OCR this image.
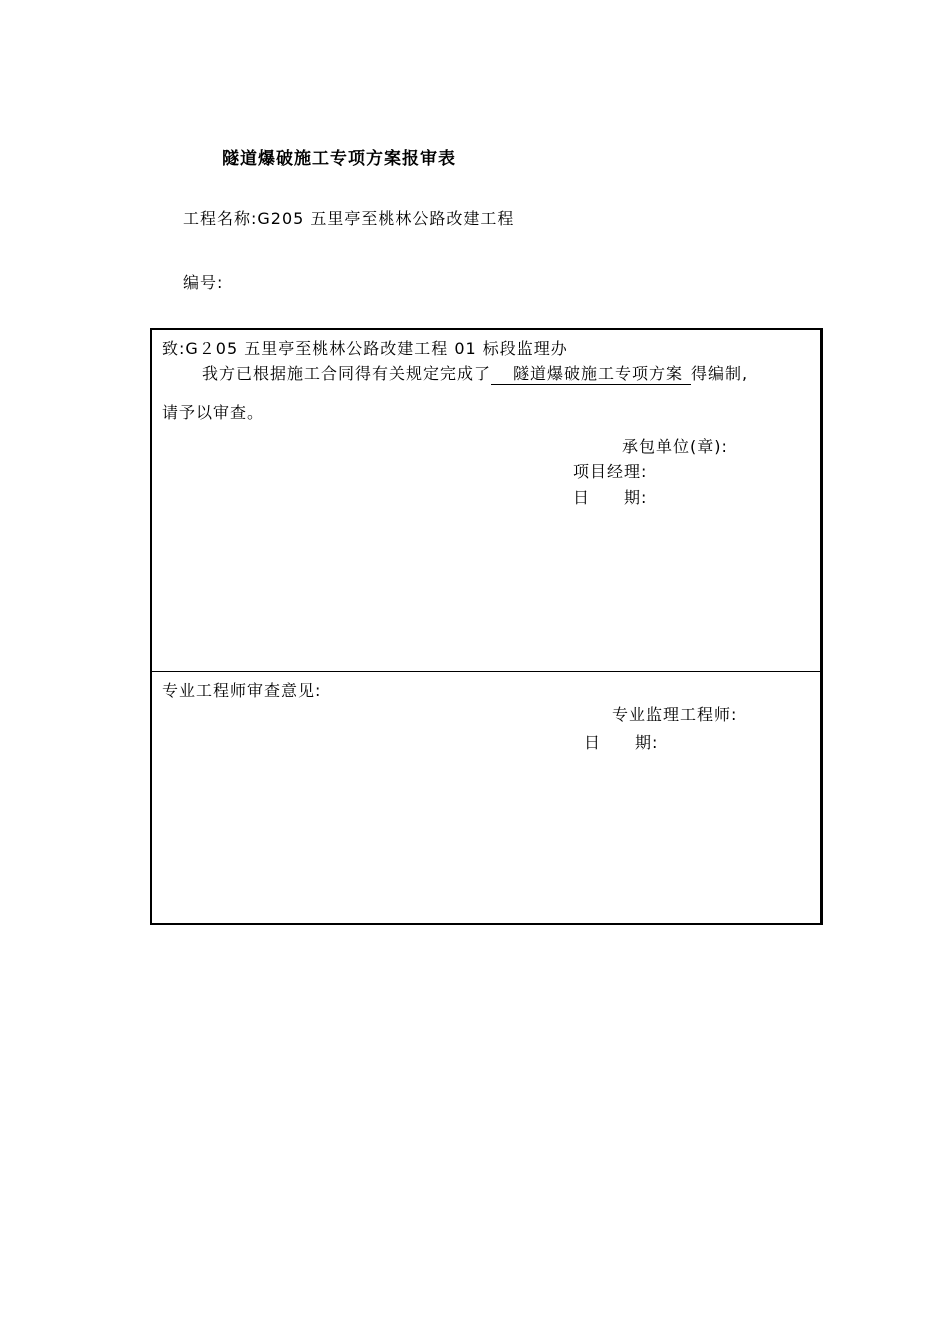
隧道爆破施工专项方案报审表
工程名称:G205 五里亭至桃林公路改建工程
编号:
致:G２05 五里亭至桃林公路改建工程 01 标段监理办
我方已根据施工合同得有关规定完成了 隧道爆破施工专项方案 得编制,
请予以审查。
承包单位(章):
项目经理:
日　　期:
专业工程师审查意见:
专业监理工程师:
日　　期:
